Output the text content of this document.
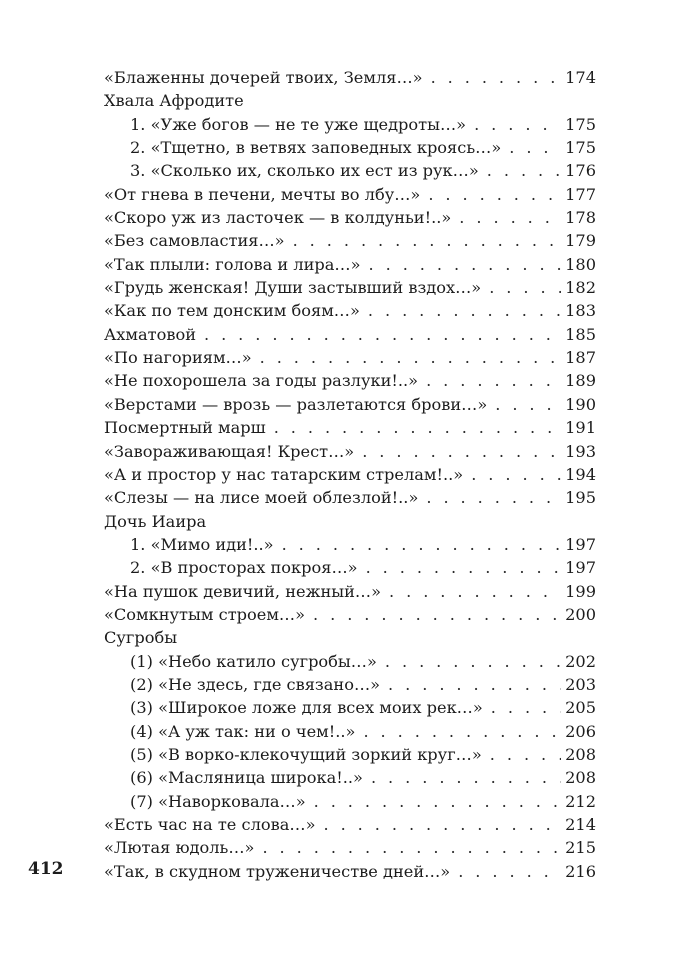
«Блаженны дочерей твоих, Земля…» . . .	174
Хвала Афродите
1. «Уже богов — не те уже щедроты…» . . .	175
2. «Тщетно, в ветвях заповедных кроясь…» . . .	175
3. «Сколько их, сколько их ест из рук…» . . .	176
«От гнева в печени, мечты во лбу…» . . .	177
«Скоро уж из ласточек — в колдуньи!..» . . .	178
«Без самовластия…» . . .	179
«Так плыли: голова и лира…» . . .	180
«Грудь женская! Души застывший вздох…» . . .	182
«Как по тем донским боям…» . . .	183
Ахматовой . . .	185
«По нагориям…» . . .	187
«Не похорошела за годы разлуки!..» . . .	189
«Верстами — врозь — разлетаются брови…» . . .	190
Посмертный марш . . .	191
«Завораживающая! Крест…» . . .	193
«А и простор у нас татарским стрелам!..» . . .	194
«Слезы — на лисе моей облезлой!..» . . .	195
Дочь Иаира
1. «Мимо иди!..» . . .	197
2. «В просторах покроя…» . . .	197
«На пушок девичий, нежный…» . . .	199
«Сомкнутым строем…» . . .	200
Сугробы
(1) «Небо катило сугробы…» . . .	202
(2) «Не здесь, где связано…» . . .	203
(3) «Широкое ложе для всех моих рек…» . . .	205
(4) «А уж так: ни о чем!..» . . .	206
(5) «В ворко-клекочущий зоркий круг…» . . .	208
(6) «Масляница широка!..» . . .	208
(7) «Наворковала…» . . .	212
«Есть час на те слова…» . . .	214
«Лютая юдоль…» . . .	215
«Так, в скудном труженичестве дней…» . . .	216
412
